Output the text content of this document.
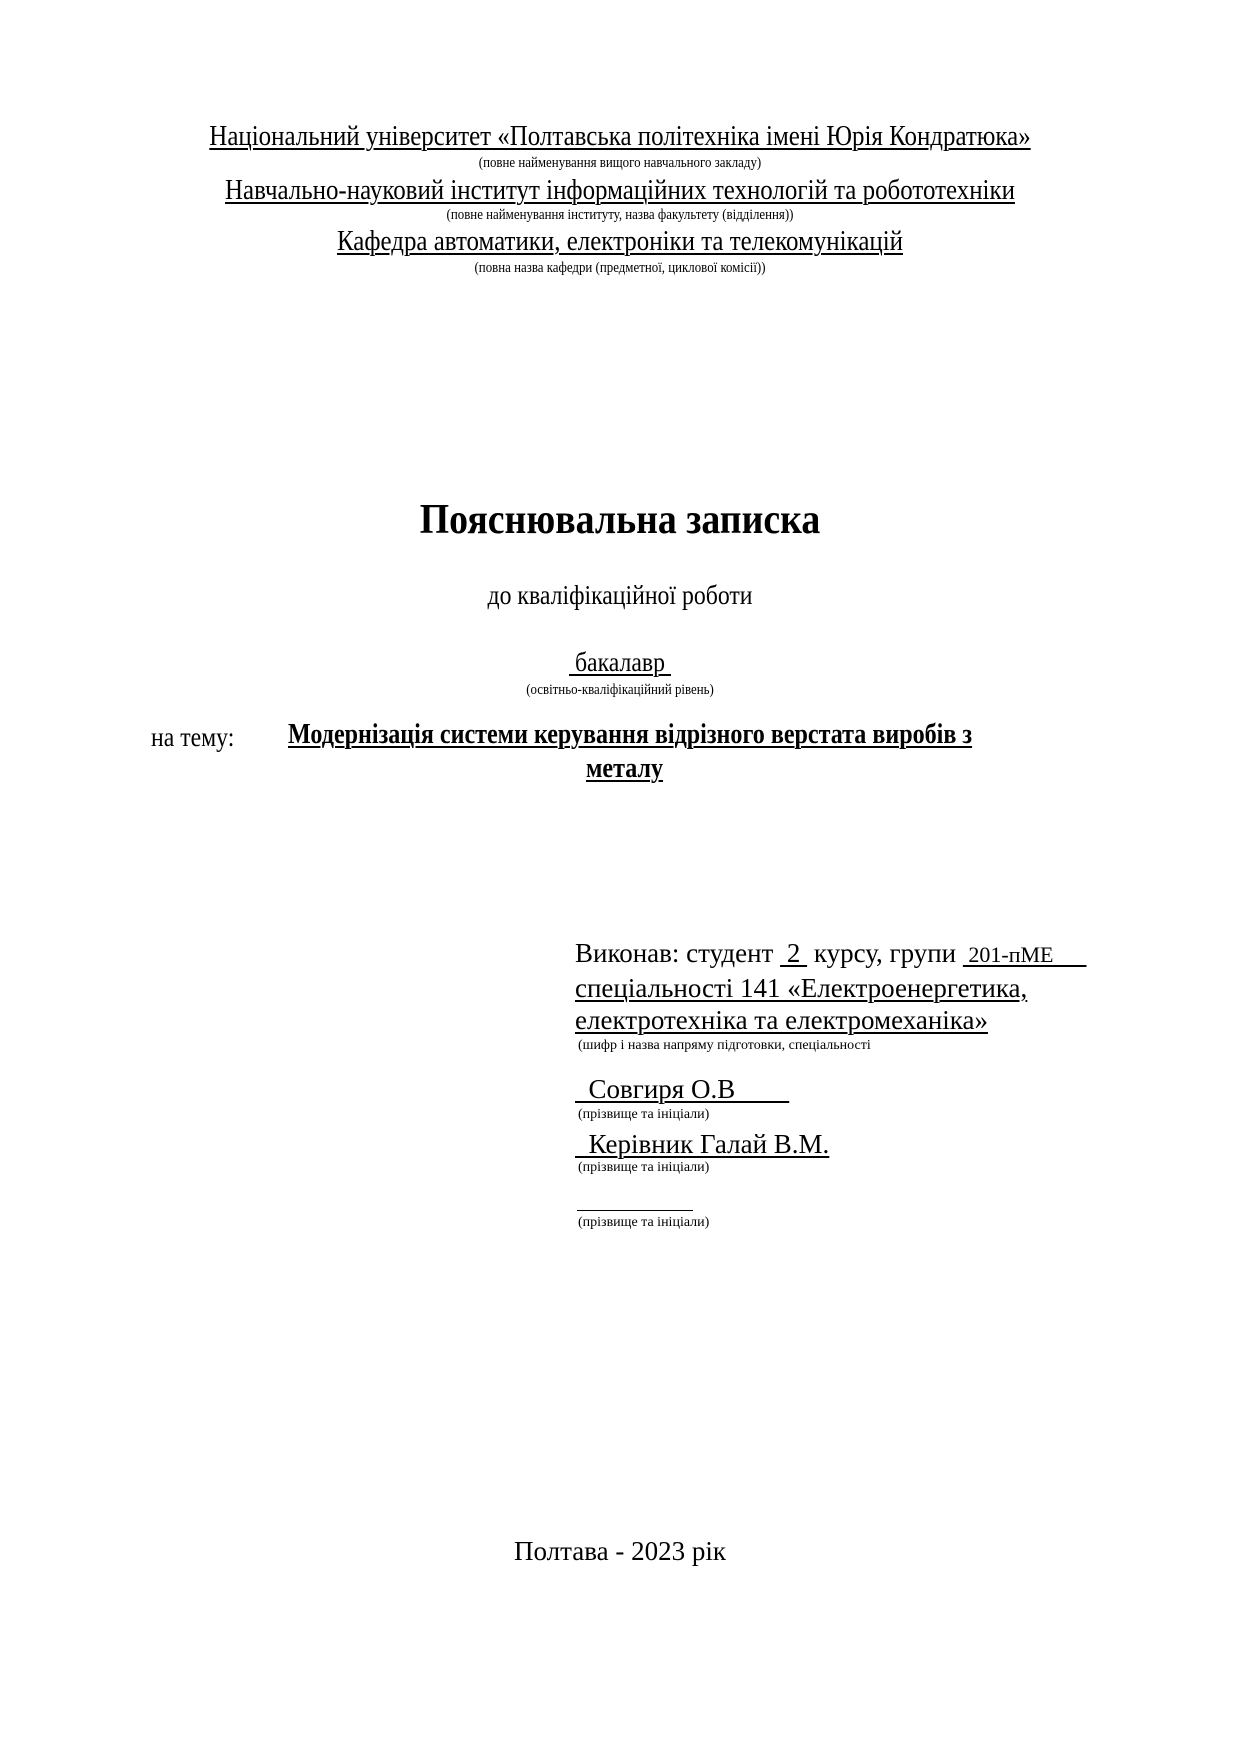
Національний університет «Полтавська політехніка імені Юрія Кондратюка»
(повне найменування вищого навчального закладу)
Навчально-науковий інститут інформаційних технологій та робототехніки
(повне найменування інституту, назва факультету (відділення))
Кафедра автоматики, електроніки та телекомунікацій
(повна назва кафедри (предметної, циклової комісії))
Пояснювальна записка
до кваліфікаційної роботи
бакалавр
(освітньо-кваліфікаційний рівень)
на тему: Модернізація системи керування відрізного верстата виробів з
металу
Виконав: студент  2  курсу, групи  201-пМЕ
спеціальності 141 «Електроенергетика,
електротехніка та електромеханіка»
(шифр і назва напряму підготовки, спеціальності
Совгиря О.В
(прізвище та ініціали)
Керівник Галай В.М.
(прізвище та ініціали)
(прізвище та ініціали)
Полтава - 2023 рік
